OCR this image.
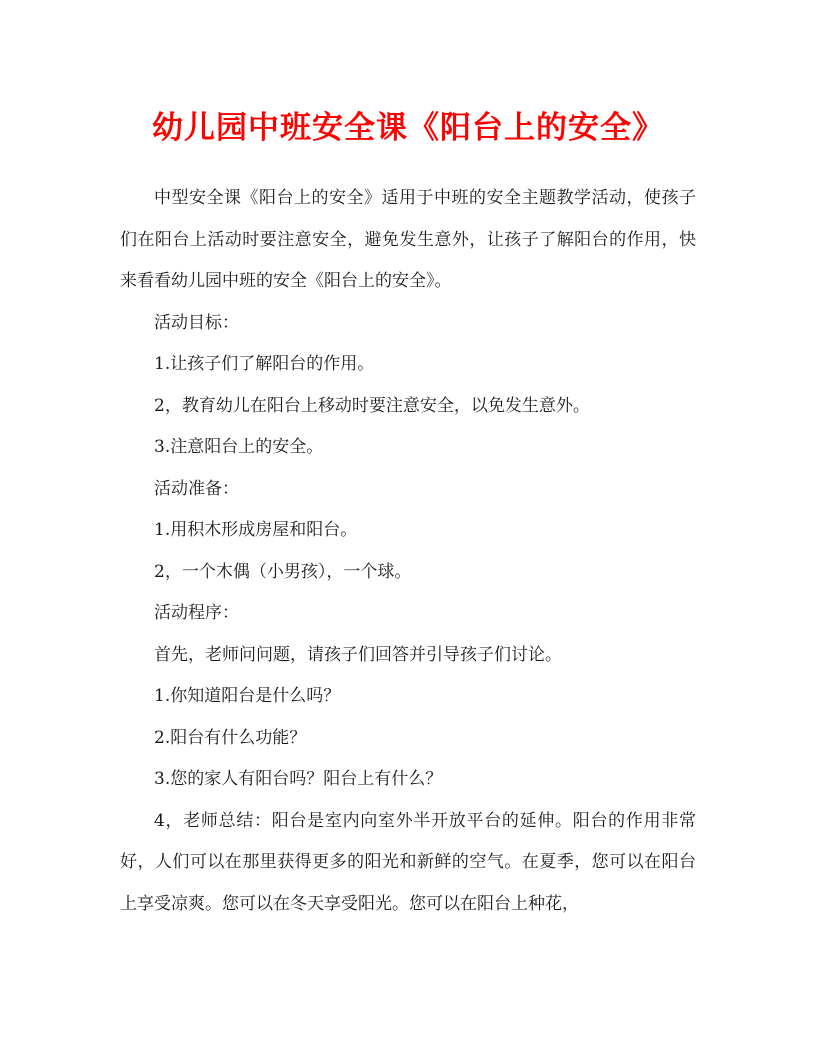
幼儿园中班安全课《阳台上的安全》

中型安全课《阳台上的安全》适用于中班的安全主题教学活动，使孩子们在阳台上活动时要注意安全，避免发生意外，让孩子了解阳台的作用，快来看看幼儿园中班的安全《阳台上的安全》。

活动目标：

1.让孩子们了解阳台的作用。

2，教育幼儿在阳台上移动时要注意安全，以免发生意外。

3.注意阳台上的安全。

活动准备：

1.用积木形成房屋和阳台。

2，一个木偶（小男孩），一个球。

活动程序：

首先，老师问问题，请孩子们回答并引导孩子们讨论。

1.你知道阳台是什么吗？

2.阳台有什么功能？

3.您的家人有阳台吗？阳台上有什么？

4，老师总结：阳台是室内向室外半开放平台的延伸。阳台的作用非常好，人们可以在那里获得更多的阳光和新鲜的空气。在夏季，您可以在阳台上享受凉爽。您可以在冬天享受阳光。您可以在阳台上种花，
